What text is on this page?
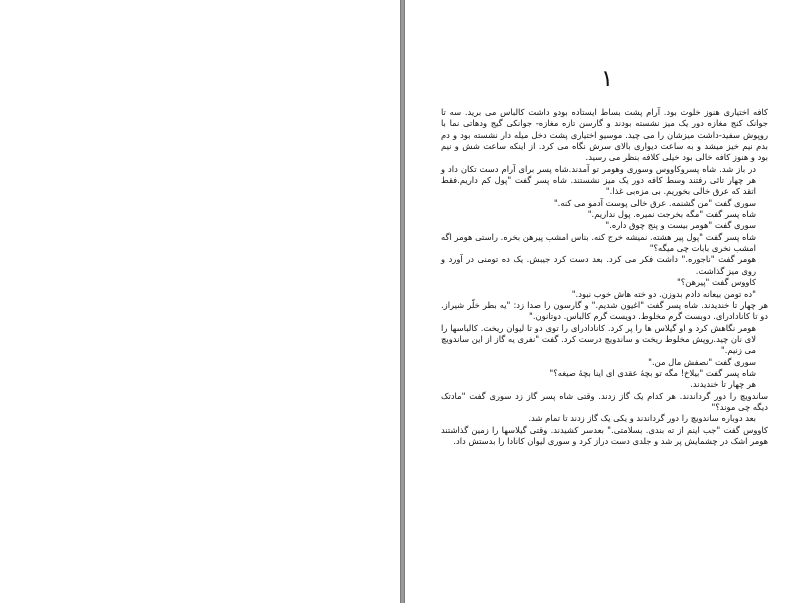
۱

کافه اختیاری هنوز خلوت بود. آرام پشت بساط ایستاده بودو داشت کالباس می برید. سه تا جوانک کنج مغازه دور یک میز نشسته بودند و گارسن تازه مغازه- جوانکی گیج ودهاتی نما با روپوش سفید-داشت میزشان را می چید. موسیو اختیاری پشت دخل میله دار نشسته بود و دم بدم نیم خیز میشد و به ساعت دیواری بالای سرش نگاه می کرد. از اینکه ساعت شش و نیم بود و هنوز کافه خالی بود خیلی کلافه بنظر می رسید.

در باز شد. شاه پسروکاووس وسوری وهومر تو آمدند.شاه پسر برای آرام دست تکان داد و هر چهار تائی رفتند وسط کافه دور یک میز نشستند. شاه پسر گفت "پول کم داریم.فقط اتقد که عرق خالی بخوریم. بی مزەبی غذا."

سوری گفت "من گشنمه. عرق خالی پوست آدمو می کنه."

شاه پسر گفت "مگه بخرجت نمیره. پول نداریم."

سوری گفت "هومر بیست و پنج چوق داره."

شاه پسر گفت "پول پیر هشته. نمیشه خرج کنه. بناس امشب پیرهن بخره. راستی هومر اگه امشب نخری بابات چی میگه؟"

هومر گفت "ناجوره." داشت فکر می کرد. بعد دست کرد جیبش. یک ده تومنی در آورد و روی میز گذاشت.

کاووس گفت "پیرهن؟"

"ده تومن بیعانه دادم بدوزن. دو خته هاش خوب نبود."

هر چهار تا خندیدند. شاه پسر گفت "اغیون شدیم." و گارسون را صدا زد: "یه بطر خلّر شیراز. دو تا کانادادرای. دوبست گرم مخلوط. دویست گرم کالباس. دوتانون."

هومر نگاهش کرد و او گیلاس ها را پر کرد. کانادادرای را توی دو تا لیوان ریخت. کالباسها را لای نان چید.روپش مخلوط ریخت و ساندویچ درست کرد. گفت "نفری یه گاز از این ساندویچ می زنیم."

سوری گفت "نصفش مال من."

شاه پسر گفت "بیلاخ! مگه تو بچهٔ عقدی ای اینا بچهٔ صیغه؟"

هر چهار تا خندیدند.

ساندویچ را دور گرداندند. هر کدام یک گاز زدند. وقتی شاه پسر گاز زد سوری گفت "مادتک دیگه چی موند؟"

بعد دوباره ساندویچ را دور گرداندند و یکی یک گاز زدند تا تمام شد.

کاووس گفت "جب اینم از تە بندی. بسلامتی." بعدسر کشیدند. وقتی گیلاسها را زمین گذاشتند هومر اشک در چشمایش پر شد و جلدی دست دراز کرد و سوری لیوان کانادا را بدستش داد.
